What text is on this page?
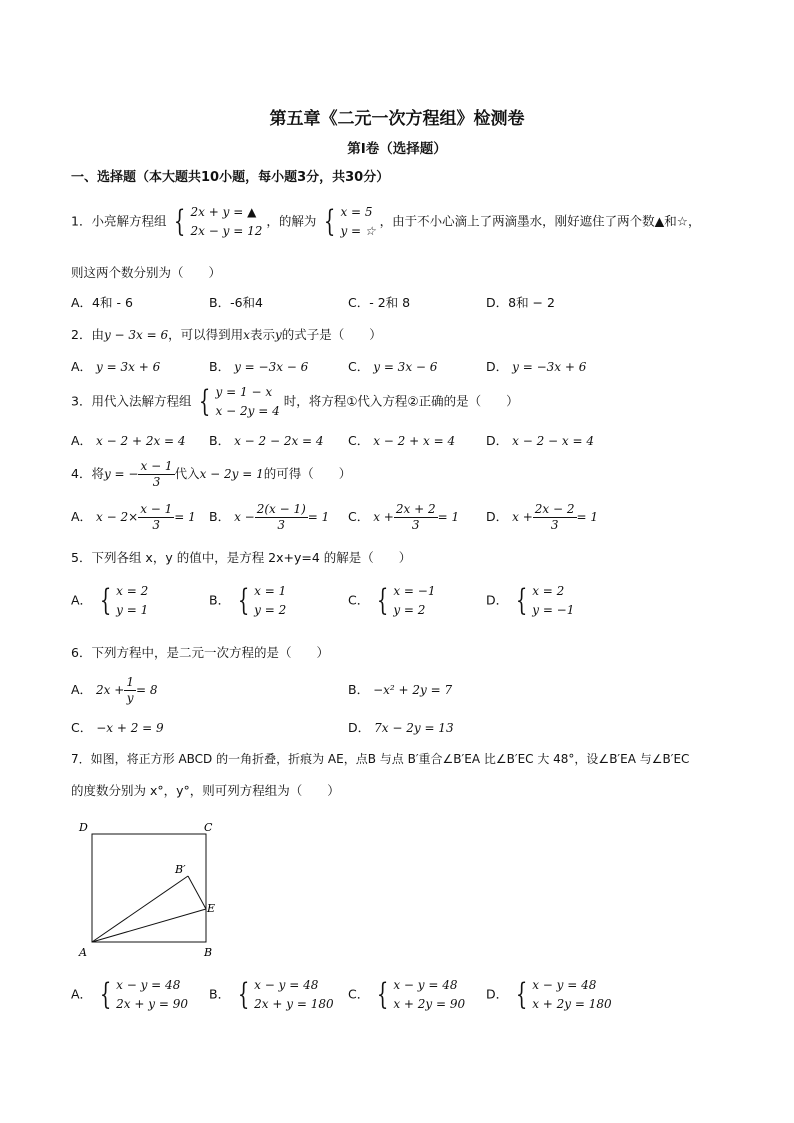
第五章《二元一次方程组》检测卷
第Ⅰ卷（选择题）
一、选择题（本大题共10小题，每小题3分，共30分）
1．小亮解方程组 { 2x + y = ▲
2x − y = 12
，的解为 { x = 5
y = ☆
，由于不小心滴上了两滴墨水，刚好遮住了两个数▲和☆，
则这两个数分别为（　　）
A．4和 - 6	B．-6和4	C．- 2和 8	D．8和 − 2
2．由y − 3x = 6，可以得到用x表示y的式子是（　　）
A． y = 3x + 6	B． y = −3x − 6	C． y = 3x − 6	D． y = −3x + 6
3．用代入法解方程组 { y = 1 − x
x − 2y = 4
时，将方程①代入方程②正确的是（　　）
A． x − 2 + 2x = 4 B． x − 2 − 2x = 4 C． x − 2 + x = 4 D． x − 2 − x = 4
4．将y = − $\frac{x - 1}{3}$ 代入x − 2y = 1的可得（　　）
A． $x - 2\times \frac{x - 1}{3} = 1$ B． $x - \frac{2(x - 1)}{3} = 1$ C． $x + \frac{2x + 2}{3} = 1$ D． $x + \frac{2x - 2}{3} = 1$
5．下列各组 x，y 的值中，是方程 2x+y=4 的解是（　　）
A． { x = 2
y = 1
B． { x = 1
y = 2
C． { x = −1
y = 2
D． { x = 2
y = −1
6．下列方程中，是二元一次方程的是（　　）
A． $2x + \frac{1}{y} = 8$	B． −x² + 2y = 7
C． −x + 2 = 9	D． 7x − 2y = 13
7．如图，将正方形 ABCD 的一角折叠，折痕为 AE，点B 与点 B′重合∠B′EA 比∠B′EC 大 48°，设∠B′EA 与∠B′EC
的度数分别为 x°，y°，则可列方程组为（　　）
D	C
B′
E
A	B
A． { x − y = 48
2x + y = 90
B． { x − y = 48
2x + y = 180
C． { x − y = 48
x + 2y = 90
D． { x − y = 48
x + 2y = 180
